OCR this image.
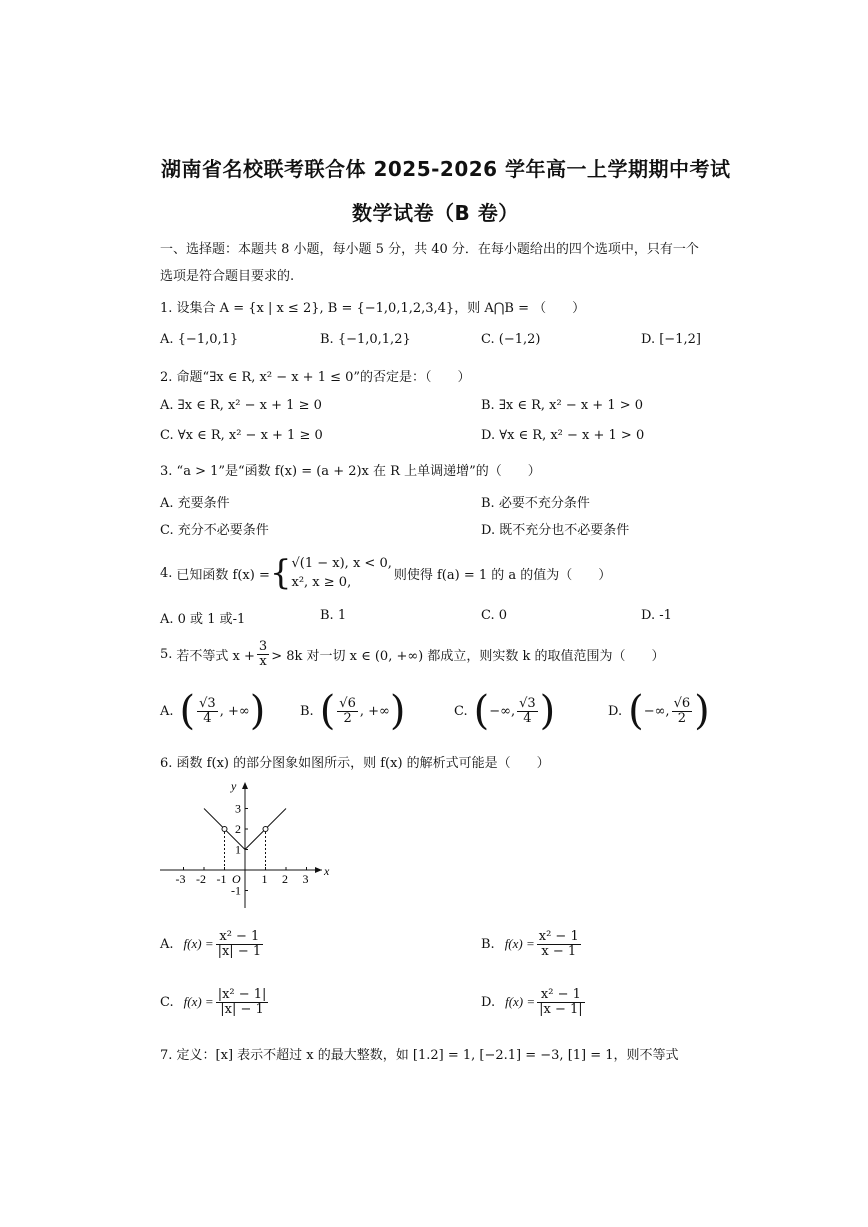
湖南省名校联考联合体 2025-2026 学年高一上学期期中考试
数学试卷（B 卷）
一、选择题：本题共 8 小题，每小题 5 分，共 40 分．在每小题给出的四个选项中，只有一个
选项是符合题目要求的.
1. 设集合 A = {x | x ≤ 2}, B = {−1,0,1,2,3,4}，则 A⋂B = （　　）
A. {−1,0,1}	B. {−1,0,1,2}	C. (−1,2)	D. [−1,2]
2. 命题“∃x ∈ R, x² − x + 1 ≤ 0”的否定是：（　　）
A. ∃x ∈ R, x² − x + 1 ≥ 0	B. ∃x ∈ R, x² − x + 1 > 0
C. ∀x ∈ R, x² − x + 1 ≥ 0	D. ∀x ∈ R, x² − x + 1 > 0
3. “a > 1”是“函数 f(x) = (a + 2)x 在 R 上单调递增”的（　　）
A. 充要条件	B. 必要不充分条件
C. 充分不必要条件	D. 既不充分也不必要条件
4. 已知函数 f(x) = { √(1 − x), x < 0,
x², x ≥ 0,	则使得 f(a) = 1 的 a 的值为（　　）
A. 0 或 1 或-1	B. 1	C. 0	D. -1
5. 若不等式 $x + \frac{3}{x} > 8k$ 对一切 x ∈ (0, +∞) 都成立，则实数 k 的取值范围为（　　）
A. ( $\frac{√3}{4}$ , +∞ )	B. ( $\frac{√6}{2}$ , +∞ )	C. ( −∞, $\frac{√3}{4}$ )	D. ( −∞, $\frac{√6}{2}$ )
6. 函数 f(x) 的部分图象如图所示，则 f(x) 的解析式可能是（　　）
x
y
O
-3 -2 -1	1 2 3
3
2
1
-1
A. $f(x) = \frac{\text{x² − 1}}{|x| - 1}$	B. $f(x) = \frac{\text{x² − 1}}{x - 1}$
C. $f(x) = \frac{\text{|x² − 1|}}{|x| - 1}$	D. $f(x) = \frac{\text{x² − 1}}{|x - 1|}$
7. 定义：[x] 表示不超过 x 的最大整数，如 [1.2] = 1, [−2.1] = −3, [1] = 1，则不等式
